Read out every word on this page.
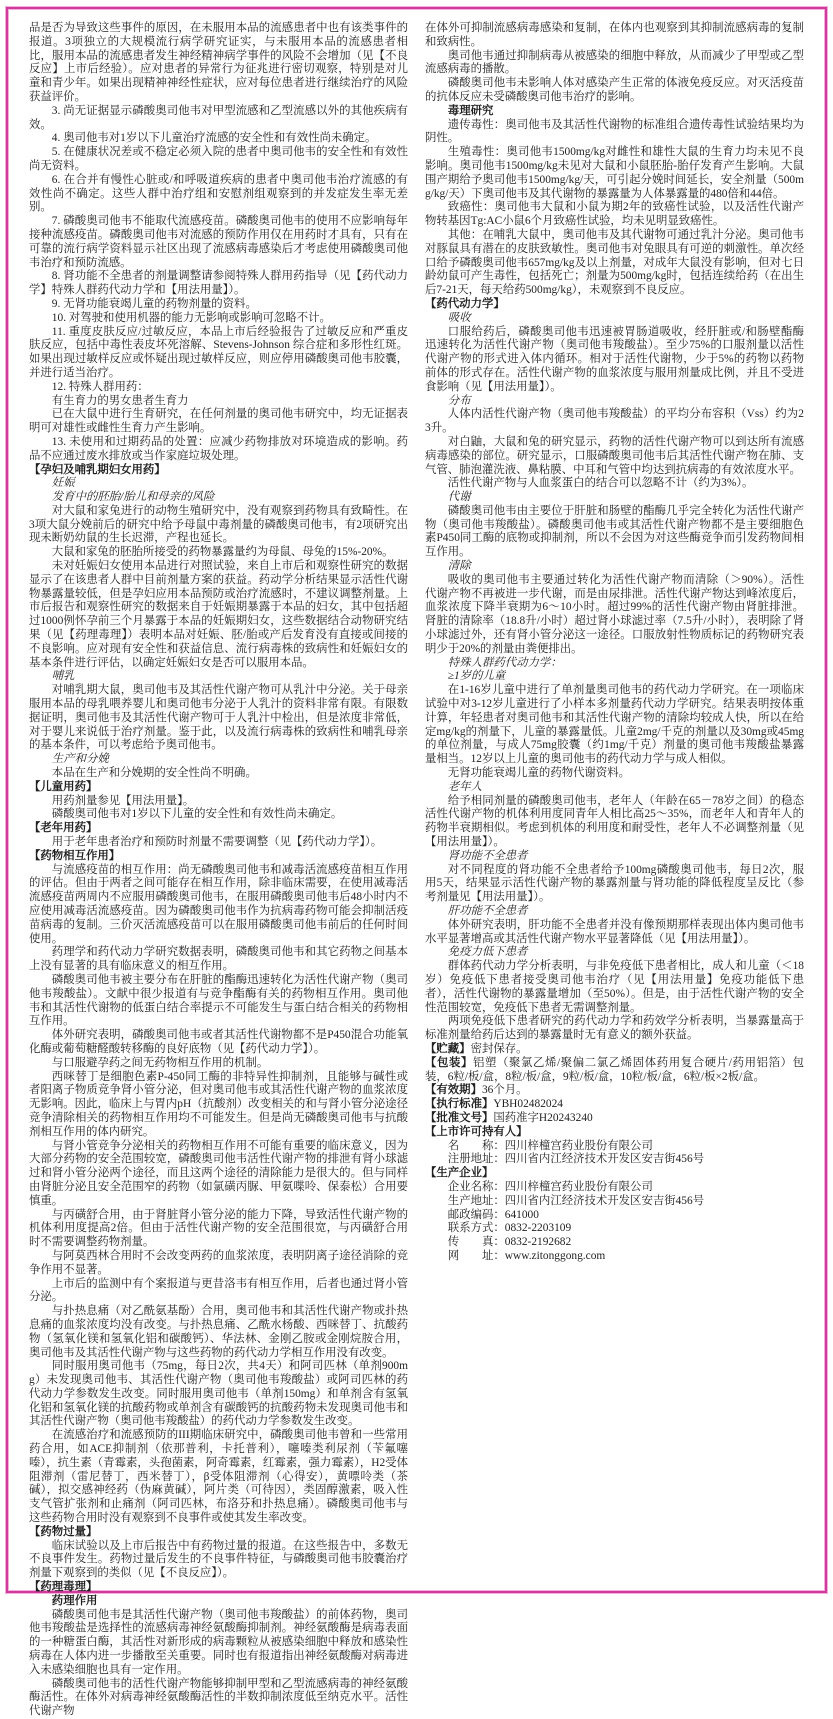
品是否为导致这些事件的原因，在未服用本品的流感患者中也有该类事件的报道。3项独立的大规模流行病学研究证实，与未服用本品的流感患者相比，服用本品的流感患者发生神经精神病学事件的风险不会增加（见【不良反应】上市后经验）。应对患者的异常行为征兆进行密切观察，特别是对儿童和青少年。如果出现精神神经性症状，应对每位患者进行继续治疗的风险获益评价。

3. 尚无证据显示磷酸奥司他韦对甲型流感和乙型流感以外的其他疾病有效。

4. 奥司他韦对1岁以下儿童治疗流感的安全性和有效性尚未确定。

5. 在健康状况差或不稳定必须入院的患者中奥司他韦的安全性和有效性尚无资料。

6. 在合并有慢性心脏或/和呼吸道疾病的患者中奥司他韦治疗流感的有效性尚不确定。这些人群中治疗组和安慰剂组观察到的并发症发生率无差别。

7. 磷酸奥司他韦不能取代流感疫苗。磷酸奥司他韦的使用不应影响每年接种流感疫苗。磷酸奥司他韦对流感的预防作用仅在用药时才具有，只有在可靠的流行病学资料显示社区出现了流感病毒感染后才考虑使用磷酸奥司他韦治疗和预防流感。

8. 肾功能不全患者的剂量调整请参阅特殊人群用药指导（见【药代动力学】特殊人群药代动力学和【用法用量】）。

9. 无肾功能衰竭儿童的药物剂量的资料。

10. 对驾驶和使用机器的能力无影响或影响可忽略不计。

11. 重度皮肤反应/过敏反应，本品上市后经验报告了过敏反应和严重皮肤反应，包括中毒性表皮坏死溶解、Stevens-Johnson 综合症和多形性红斑。如果出现过敏样反应或怀疑出现过敏样反应，则应停用磷酸奥司他韦胶囊，并进行适当治疗。

12. 特殊人群用药：

有生育力的男女患者生育力

已在大鼠中进行生育研究，在任何剂量的奥司他韦研究中，均无证据表明可对雄性或雌性生育力产生影响。

13. 未使用和过期药品的处置：应减少药物排放对环境造成的影响。药品不应通过废水排放或当作家庭垃圾处理。

【孕妇及哺乳期妇女用药】

妊娠

发育中的胚胎/胎儿和母亲的风险

对大鼠和家兔进行的动物生殖研究中，没有观察到药物具有致畸性。在3项大鼠分娩前后的研究中给予母鼠中毒剂量的磷酸奥司他韦，有2项研究出现未断奶幼鼠的生长迟滞，产程也延长。

大鼠和家兔的胚胎所接受的药物暴露量约为母鼠、母兔的15%-20%。

未对妊娠妇女使用本品进行对照试验，来自上市后和观察性研究的数据显示了在该患者人群中目前剂量方案的获益。药动学分析结果显示活性代谢物暴露量较低，但是孕妇应用本品预防或治疗流感时，不建议调整剂量。上市后报告和观察性研究的数据来自于妊娠期暴露于本品的妇女，其中包括超过1000例怀孕前三个月暴露于本品的妊娠期妇女，这些数据结合动物研究结果（见【药理毒理】）表明本品对妊娠、胚/胎或产后发育没有直接或间接的不良影响。应对现有安全性和获益信息、流行病毒株的致病性和妊娠妇女的基本条件进行评估，以确定妊娠妇女是否可以服用本品。

哺乳

对哺乳期大鼠，奥司他韦及其活性代谢产物可从乳汁中分泌。关于母亲服用本品的母乳喂养婴儿和奥司他韦分泌于人乳汁的资料非常有限。有限数据证明，奥司他韦及其活性代谢产物可于人乳汁中检出，但是浓度非常低，对于婴儿来说低于治疗剂量。鉴于此，以及流行病毒株的致病性和哺乳母亲的基本条件，可以考虑给予奥司他韦。

生产和分娩

本品在生产和分娩期的安全性尚不明确。

【儿童用药】

用药剂量参见【用法用量】。

磷酸奥司他韦对1岁以下儿童的安全性和有效性尚未确定。

【老年用药】

用于老年患者治疗和预防时剂量不需要调整（见【药代动力学】）。

【药物相互作用】

与流感疫苗的相互作用：尚无磷酸奥司他韦和减毒活流感疫苗相互作用的评估。但由于两者之间可能存在相互作用，除非临床需要，在使用减毒活流感疫苗两周内不应服用磷酸奥司他韦，在服用磷酸奥司他韦后48小时内不应使用减毒活流感疫苗。因为磷酸奥司他韦作为抗病毒药物可能会抑制活疫苗病毒的复制。三价灭活流感疫苗可以在服用磷酸奥司他韦前后的任何时间使用。

药理学和药代动力学研究数据表明，磷酸奥司他韦和其它药物之间基本上没有显著的具有临床意义的相互作用。

磷酸奥司他韦被主要分布在肝脏的酯酶迅速转化为活性代谢产物（奥司他韦羧酸盐）。文献中很少报道有与竞争酯酶有关的药物相互作用。奥司他韦和其活性代谢物的低蛋白结合率提示不可能发生与蛋白结合相关的药物相互作用。

体外研究表明，磷酸奥司他韦或者其活性代谢物都不是P450混合功能氧化酶或葡萄糖醛酸转移酶的良好底物（见【药代动力学】）。

与口服避孕药之间无药物相互作用的机制。

西咪替丁是细胞色素P-450同工酶的非特异性抑制剂，且能够与碱性或者阳离子物质竞争肾小管分泌，但对奥司他韦或其活性代谢产物的血浆浓度无影响。因此，临床上与胃内pH（抗酸剂）改变相关的和与肾小管分泌途径竞争清除相关的药物相互作用均不可能发生。但是尚无磷酸奥司他韦与抗酸剂相互作用的体内研究。

与肾小管竞争分泌相关的药物相互作用不可能有重要的临床意义，因为大部分药物的安全范围较宽，磷酸奥司他韦活性代谢产物的排泄有肾小球滤过和肾小管分泌两个途径，而且这两个途径的清除能力是很大的。但与同样由肾脏分泌且安全范围窄的药物（如氯磺丙脲、甲氨喋呤、保泰松）合用要慎重。

与丙磺舒合用，由于肾脏肾小管分泌的能力下降，导致活性代谢产物的机体利用度提高2倍。但由于活性代谢产物的安全范围很宽，与丙磺舒合用时不需要调整药物剂量。

与阿莫西林合用时不会改变两药的血浆浓度，表明阴离子途径消除的竞争作用不显著。

上市后的监测中有个案报道与更昔洛韦有相互作用，后者也通过肾小管分泌。

与扑热息痛（对乙酰氨基酚）合用，奥司他韦和其活性代谢产物或扑热息痛的血浆浓度均没有改变。与扑热息痛、乙酰水杨酸、西咪替丁、抗酸药物（氢氧化镁和氢氧化铝和碳酸钙）、华法林、金刚乙胺或金刚烷胺合用，奥司他韦及其活性代谢产物与这些药物的药代动力学相互作用没有改变。

同时服用奥司他韦（75mg，每日2次，共4天）和阿司匹林（单剂900mg）未发现奥司他韦、其活性代谢产物（奥司他韦羧酸盐）或阿司匹林的药代动力学参数发生改变。同时服用奥司他韦（单剂150mg）和单剂含有氢氧化铝和氢氧化镁的抗酸药物或单剂含有碳酸钙的抗酸药物未发现奥司他韦和其活性代谢产物（奥司他韦羧酸盐）的药代动力学参数发生改变。

在流感治疗和流感预防的III期临床研究中，磷酸奥司他韦曾和一些常用药合用，如ACE抑制剂（依那普利，卡托普利），噻嗪类利尿剂（苄氟噻嗪），抗生素（青霉素，头孢菌素，阿奇霉素，红霉素，强力霉素），H2受体阻滞剂（雷尼替丁，西米替丁），β受体阻滞剂（心得安），黄嘌呤类（茶碱），拟交感神经药（伪麻黄碱），阿片类（可待因），类固醇激素，吸入性支气管扩张剂和止痛剂（阿司匹林，布洛芬和扑热息痛）。磷酸奥司他韦与这些药物合用时没有观察到不良事件或使其发生率改变。

【药物过量】

临床试验以及上市后报告中有药物过量的报道。在这些报告中，多数无不良事件发生。药物过量后发生的不良事件特征，与磷酸奥司他韦胶囊治疗剂量下观察到的类似（见【不良反应】）。

【药理毒理】

药理作用

磷酸奥司他韦是其活性代谢产物（奥司他韦羧酸盐）的前体药物，奥司他韦羧酸盐是选择性的流感病毒神经氨酸酶抑制剂。神经氨酸酶是病毒表面的一种糖蛋白酶，其活性对新形成的病毒颗粒从被感染细胞中释放和感染性病毒在人体内进一步播散至关重要。同时也有报道指出神经氨酸酶对病毒进入未感染细胞也具有一定作用。

磷酸奥司他韦的活性代谢产物能够抑制甲型和乙型流感病毒的神经氨酸酶活性。在体外对病毒神经氨酸酶活性的半数抑制浓度低至纳克水平。活性代谢产物

在体外可抑制流感病毒感染和复制，在体内也观察到其抑制流感病毒的复制和致病性。

奥司他韦通过抑制病毒从被感染的细胞中释放，从而减少了甲型或乙型流感病毒的播散。

磷酸奥司他韦未影响人体对感染产生正常的体液免疫反应。对灭活疫苗的抗体反应未受磷酸奥司他韦治疗的影响。

毒理研究

遗传毒性：奥司他韦及其活性代谢物的标准组合遗传毒性试验结果均为阴性。

生殖毒性：奥司他韦1500mg/kg对雌性和雄性大鼠的生育力均未见不良影响。奥司他韦1500mg/kg未见对大鼠和小鼠胚胎-胎仔发育产生影响。大鼠围产期给予奥司他韦1500mg/kg/天，可引起分娩时间延长，安全剂量（500mg/kg/天）下奥司他韦及其代谢物的暴露量为人体暴露量的480倍和44倍。

致癌性：奥司他韦大鼠和小鼠为期2年的致癌性试验，以及活性代谢产物转基因Tg:AC小鼠6个月致癌性试验，均未见明显致癌性。

其他：在哺乳大鼠中，奥司他韦及其代谢物可通过乳汁分泌。奥司他韦对豚鼠具有潜在的皮肤致敏性。奥司他韦对兔眼具有可逆的刺激性。单次经口给予磷酸奥司他韦657mg/kg及以上剂量，对成年大鼠没有影响，但对七日龄幼鼠可产生毒性，包括死亡；剂量为500mg/kg时，包括连续给药（在出生后7-21天，每天给药500mg/kg），未观察到不良反应。

【药代动力学】

吸收

口服给药后，磷酸奥司他韦迅速被胃肠道吸收，经肝脏或/和肠壁酯酶迅速转化为活性代谢产物（奥司他韦羧酸盐）。至少75%的口服剂量以活性代谢产物的形式进入体内循环。相对于活性代谢物，少于5%的药物以药物前体的形式存在。活性代谢产物的血浆浓度与服用剂量成比例，并且不受进食影响（见【用法用量】）。

分布

人体内活性代谢产物（奥司他韦羧酸盐）的平均分布容积（Vss）约为23升。

对白鼬，大鼠和兔的研究显示，药物的活性代谢产物可以到达所有流感病毒感染的部位。研究显示，口服磷酸奥司他韦后其活性代谢产物在肺、支气管、肺泡灌洗液、鼻粘膜、中耳和气管中均达到抗病毒的有效浓度水平。

活性代谢产物与人血浆蛋白的结合可以忽略不计（约为3%）。

代谢

磷酸奥司他韦由主要位于肝脏和肠壁的酯酶几乎完全转化为活性代谢产物（奥司他韦羧酸盐）。磷酸奥司他韦或其活性代谢产物都不是主要细胞色素P450同工酶的底物或抑制剂，所以不会因为对这些酶竞争而引发药物间相互作用。

清除

吸收的奥司他韦主要通过转化为活性代谢产物而清除（＞90%）。活性代谢产物不再被进一步代谢，而是由尿排泄。活性代谢产物达到峰浓度后，血浆浓度下降半衰期为6～10小时。超过99%的活性代谢产物由肾脏排泄。肾脏的清除率（18.8升/小时）超过肾小球滤过率（7.5升/小时），表明除了肾小球滤过外，还有肾小管分泌这一途径。口服放射性物质标记的药物研究表明少于20%的剂量由粪便排出。

特殊人群药代动力学：

≥1岁的儿童

在1-16岁儿童中进行了单剂量奥司他韦的药代动力学研究。在一项临床试验中对3-12岁儿童进行了小样本多剂量药代动力学研究。结果表明按体重计算，年轻患者对奥司他韦和其活性代谢产物的清除均较成人快，所以在给定mg/kg的剂量下，儿童的暴露量低。儿童2mg/千克的剂量以及30mg或45mg的单位剂量，与成人75mg胶囊（约1mg/千克）剂量的奥司他韦羧酸盐暴露量相当。12岁以上儿童的奥司他韦的药代动力学与成人相似。

无肾功能衰竭儿童的药物代谢资料。

老年人

给予相同剂量的磷酸奥司他韦，老年人（年龄在65－78岁之间）的稳态活性代谢产物的机体利用度同青年人相比高25～35%，而老年人和青年人的药物半衰期相似。考虑到机体的利用度和耐受性，老年人不必调整剂量（见【用法用量】）。

肾功能不全患者

对不同程度的肾功能不全患者给予100mg磷酸奥司他韦，每日2次，服用5天，结果显示活性代谢产物的暴露剂量与肾功能的降低程度呈反比（参考剂量见【用法用量】）。

肝功能不全患者

体外研究表明，肝功能不全患者并没有像预期那样表现出体内奥司他韦水平显著增高或其活性代谢产物水平显著降低（见【用法用量】）。

免疫力低下患者

群体药代动力学分析表明，与非免疫低下患者相比，成人和儿童（＜18岁）免疫低下患者接受奥司他韦治疗（见【用法用量】免疫功能低下患者），活性代谢物的暴露量增加（至50%）。但是，由于活性代谢产物的安全性范围较宽，免疫低下患者无需调整剂量。

两项免疫低下患者研究的药代动力学和药效学分析表明，当暴露量高于标准剂量给药后达到的暴露量时无有意义的额外获益。

【贮藏】密封保存。

【包装】铝塑（聚氯乙烯/聚偏二氯乙烯固体药用复合硬片/药用铝箔）包装，6粒/板/盒，8粒/板/盒，9粒/板/盒，10粒/板/盒，6粒/板×2板/盒。

【有效期】36个月。

【执行标准】YBH02482024

【批准文号】国药准字H20243240

【上市许可持有人】

名　　称：四川梓橦宫药业股份有限公司

注册地址：四川省内江经济技术开发区安吉街456号

【生产企业】

企业名称：四川梓橦宫药业股份有限公司

生产地址：四川省内江经济技术开发区安吉街456号

邮政编码：641000

联系方式：0832-2203109

传　　真：0832-2192682

网　　址：www.zitonggong.com
